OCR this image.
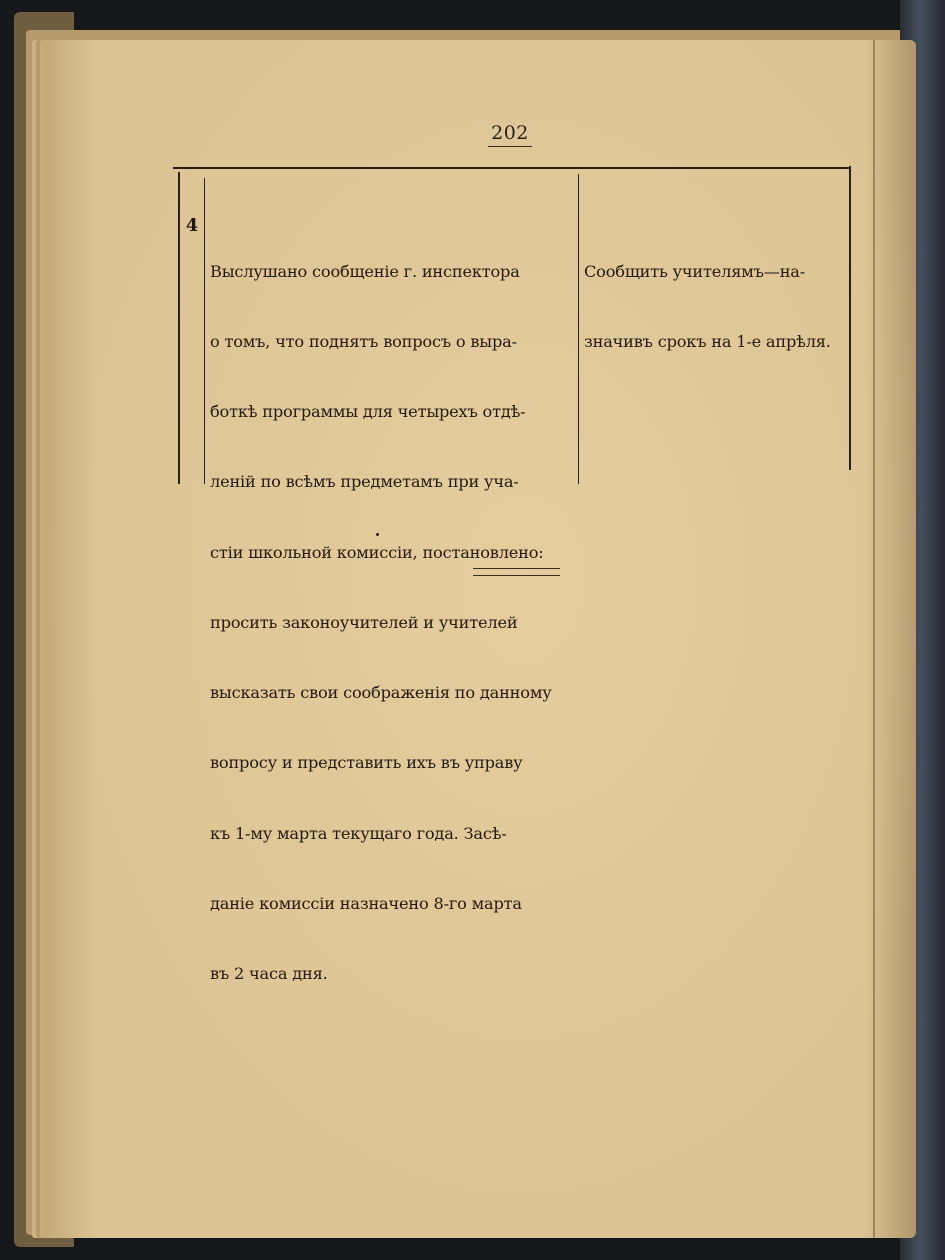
202
4

Выслушано сообщеніе г. инспектора

о томъ, что поднятъ вопросъ о выра-

боткѣ программы для четырехъ отдѣ-

леній по всѣмъ предметамъ при уча-

стіи школьной комиссіи, постановлено:

просить законоучителей и учителей

высказать свои соображенія по данному

вопросу и представить ихъ въ управу

къ 1-му марта текущаго года. Засѣ-

даніе комиссіи назначено 8-го марта

въ 2 часа дня.

Сообщить учителямъ—на-

значивъ срокъ на 1-е апрѣля.
